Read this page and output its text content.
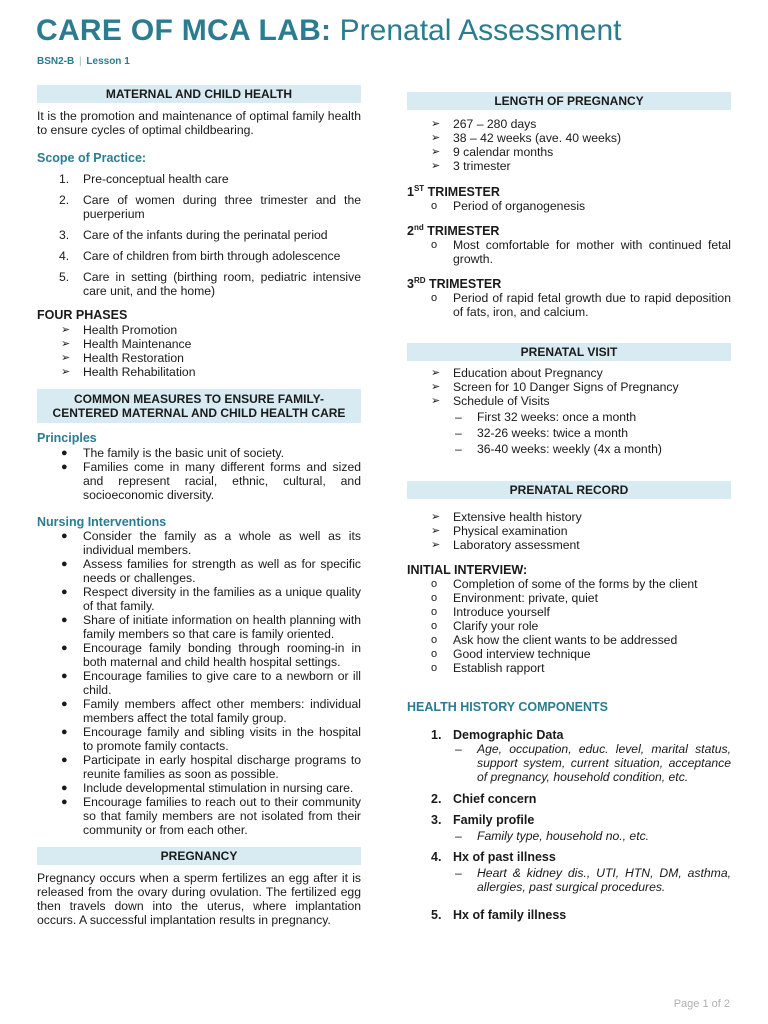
CARE OF MCA LAB: Prenatal Assessment
BSN2-B | Lesson 1
MATERNAL AND CHILD HEALTH

It is the promotion and maintenance of optimal family health to ensure cycles of optimal childbearing.

Scope of Practice:
1.	Pre-conceptual health care
2.	Care of women during three trimester and the puerperium
3.	Care of the infants during the perinatal period
4.	Care of children from birth through adolescence
5.	Care in setting (birthing room, pediatric intensive care unit, and the home)
FOUR PHASES
➢	Health Promotion
➢	Health Maintenance
➢	Health Restoration
➢	Health Rehabilitation
COMMON MEASURES TO ENSURE FAMILY-CENTERED MATERNAL AND CHILD HEALTH CARE
Principles
●	The family is the basic unit of society.
●	Families come in many different forms and sized and represent racial, ethnic, cultural, and socioeconomic diversity.
Nursing Interventions
●	Consider the family as a whole as well as its individual members.
●	Assess families for strength as well as for specific needs or challenges.
●	Respect diversity in the families as a unique quality of that family.
●	Share of initiate information on health planning with family members so that care is family oriented.
●	Encourage family bonding through rooming-in in both maternal and child health hospital settings.
●	Encourage families to give care to a newborn or ill child.
●	Family members affect other members: individual members affect the total family group.
●	Encourage family and sibling visits in the hospital to promote family contacts.
●	Participate in early hospital discharge programs to reunite families as soon as possible.
●	Include developmental stimulation in nursing care.
●	Encourage families to reach out to their community so that family members are not isolated from their community or from each other.
PREGNANCY

Pregnancy occurs when a sperm fertilizes an egg after it is released from the ovary during ovulation. The fertilized egg then travels down into the uterus, where implantation occurs. A successful implantation results in pregnancy.

LENGTH OF PREGNANCY
➢	267 – 280 days
➢	38 – 42 weeks (ave. 40 weeks)
➢	9 calendar months
➢	3 trimester
1ST TRIMESTER
o	Period of organogenesis
2nd TRIMESTER
o	Most comfortable for mother with continued fetal growth.
3RD TRIMESTER
o	Period of rapid fetal growth due to rapid deposition of fats, iron, and calcium.
PRENATAL VISIT
➢	Education about Pregnancy
➢	Screen for 10 Danger Signs of Pregnancy
➢	Schedule of Visits
–	First 32 weeks: once a month
–	32-26 weeks: twice a month
–	36-40 weeks: weekly (4x a month)
PRENATAL RECORD
➢	Extensive health history
➢	Physical examination
➢	Laboratory assessment
INITIAL INTERVIEW:
o	Completion of some of the forms by the client
o	Environment: private, quiet
o	Introduce yourself
o	Clarify your role
o	Ask how the client wants to be addressed
o	Good interview technique
o	Establish rapport
HEALTH HISTORY COMPONENTS
1. Demographic Data
– Age, occupation, educ. level, marital status, support system, current situation, acceptance of pregnancy, household condition, etc.
2. Chief concern
3. Family profile
– Family type, household no., etc.
4. Hx of past illness
– Heart & kidney dis., UTI, HTN, DM, asthma, allergies, past surgical procedures.
5. Hx of family illness
Page 1 of 2
